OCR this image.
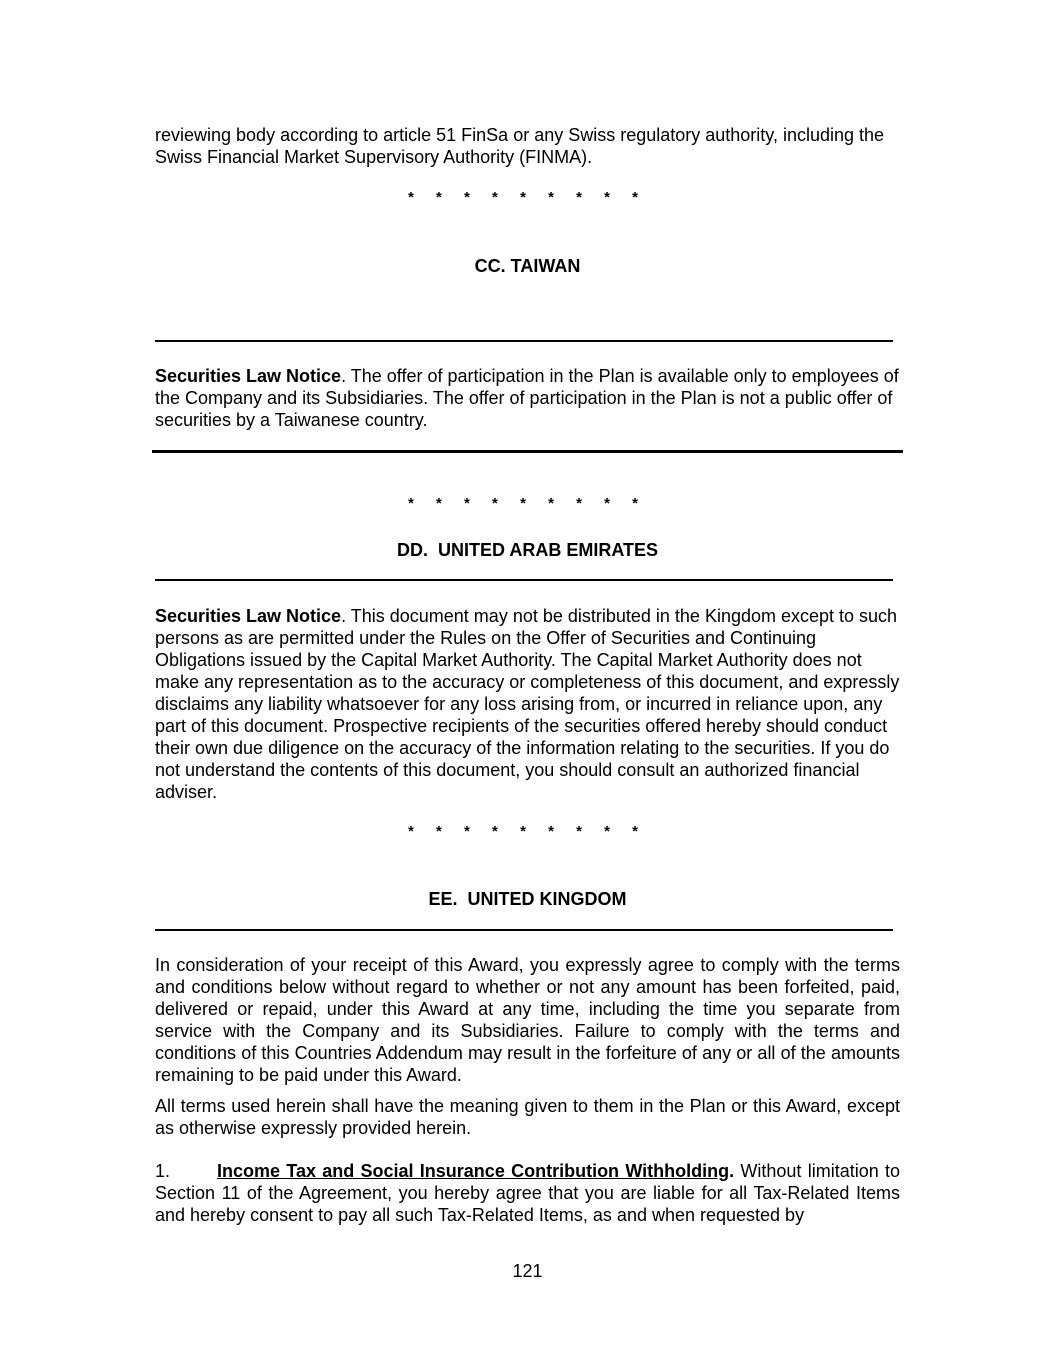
reviewing body according to article 51 FinSa or any Swiss regulatory authority, including the Swiss Financial Market Supervisory Authority (FINMA).

* * * * * * * * *

CC. TAIWAN

Securities Law Notice. The offer of participation in the Plan is available only to employees of the Company and its Subsidiaries. The offer of participation in the Plan is not a public offer of securities by a Taiwanese country.

* * * * * * * * *

DD.  UNITED ARAB EMIRATES

Securities Law Notice. This document may not be distributed in the Kingdom except to such persons as are permitted under the Rules on the Offer of Securities and Continuing Obligations issued by the Capital Market Authority. The Capital Market Authority does not make any representation as to the accuracy or completeness of this document, and expressly disclaims any liability whatsoever for any loss arising from, or incurred in reliance upon, any part of this document. Prospective recipients of the securities offered hereby should conduct their own due diligence on the accuracy of the information relating to the securities. If you do not understand the contents of this document, you should consult an authorized financial adviser.

* * * * * * * * *

EE.  UNITED KINGDOM

In consideration of your receipt of this Award, you expressly agree to comply with the terms and conditions below without regard to whether or not any amount has been forfeited, paid, delivered or repaid, under this Award at any time, including the time you separate from service with the Company and its Subsidiaries. Failure to comply with the terms and conditions of this Countries Addendum may result in the forfeiture of any or all of the amounts remaining to be paid under this Award.

All terms used herein shall have the meaning given to them in the Plan or this Award, except as otherwise expressly provided herein.

1.	Income Tax and Social Insurance Contribution Withholding. Without limitation to Section 11 of the Agreement, you hereby agree that you are liable for all Tax-Related Items and hereby consent to pay all such Tax-Related Items, as and when requested by

121
